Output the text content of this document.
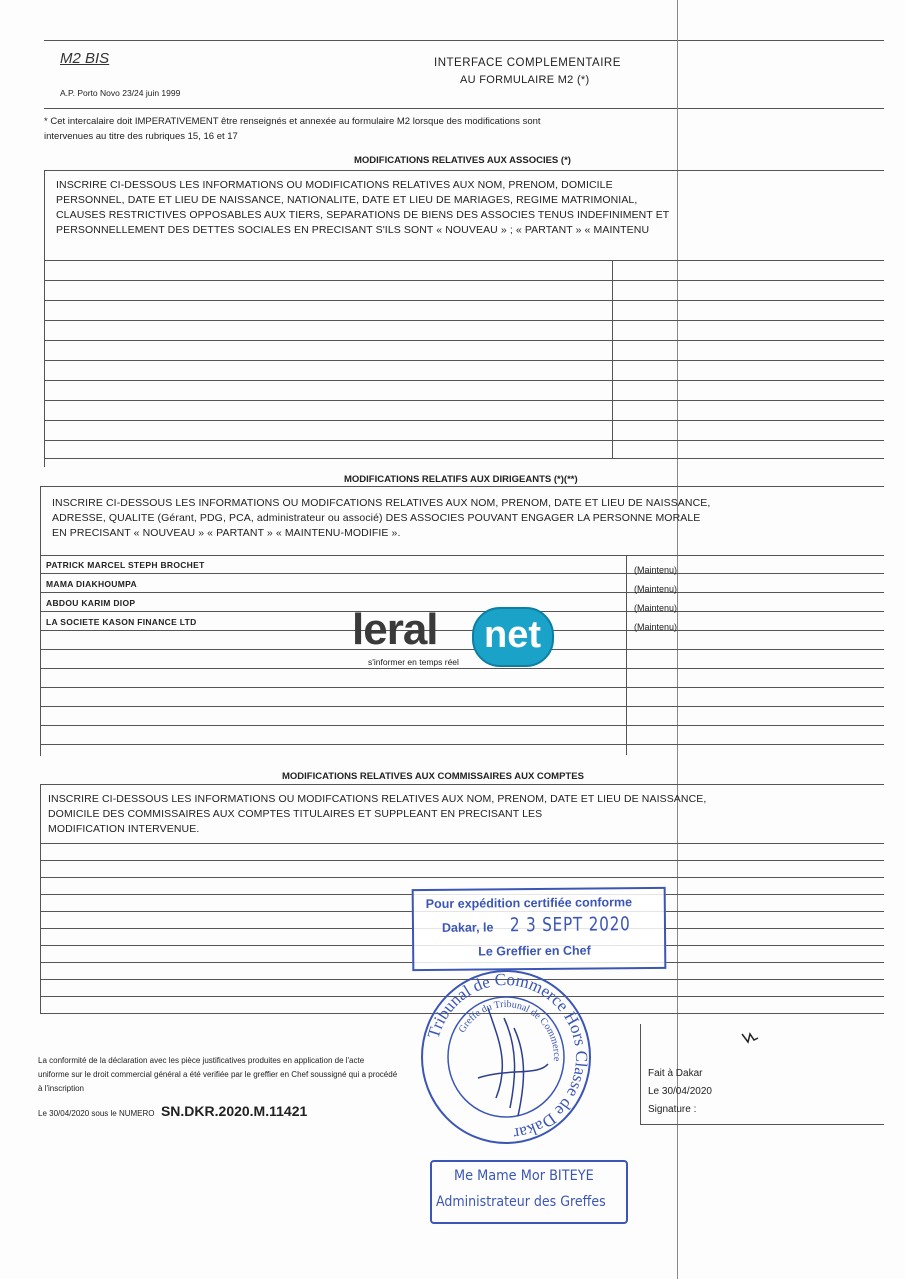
M2 BIS
A.P. Porto Novo 23/24 juin 1999
INTERFACE COMPLEMENTAIRE
AU FORMULAIRE M2 (*)
* Cet intercalaire doit IMPERATIVEMENT être renseignés et annexée au formulaire M2 lorsque des modifications sont
intervenues au titre des rubriques 15, 16 et 17
MODIFICATIONS RELATIVES AUX ASSOCIES (*)
INSCRIRE CI-DESSOUS LES INFORMATIONS OU MODIFICATIONS RELATIVES AUX NOM, PRENOM, DOMICILE
PERSONNEL, DATE ET LIEU DE NAISSANCE, NATIONALITE, DATE ET LIEU DE MARIAGES, REGIME MATRIMONIAL,
CLAUSES RESTRICTIVES OPPOSABLES AUX TIERS, SEPARATIONS DE BIENS DES ASSOCIES TENUS INDEFINIMENT ET
PERSONNELLEMENT DES DETTES SOCIALES EN PRECISANT S'ILS SONT « NOUVEAU » ; « PARTANT » « MAINTENU
MODIFICATIONS RELATIFS AUX DIRIGEANTS (*)(**)
INSCRIRE CI-DESSOUS LES INFORMATIONS OU MODIFCATIONS RELATIVES AUX NOM, PRENOM, DATE ET LIEU DE NAISSANCE,
ADRESSE, QUALITE (Gérant, PDG, PCA, administrateur ou associé) DES ASSOCIES POUVANT ENGAGER LA PERSONNE MORALE
EN PRECISANT « NOUVEAU » « PARTANT » « MAINTENU-MODIFIE ».
PATRICK MARCEL STEPH BROCHET	(Maintenu)
MAMA DIAKHOUMPA	(Maintenu)
ABDOU KARIM DIOP	(Maintenu)
LA SOCIETE KASON FINANCE LTD	(Maintenu)
leral net
s'informer en temps réel
MODIFICATIONS RELATIVES AUX COMMISSAIRES AUX COMPTES
INSCRIRE CI-DESSOUS LES INFORMATIONS OU MODIFCATIONS RELATIVES AUX NOM, PRENOM, DATE ET LIEU DE NAISSANCE,
DOMICILE DES COMMISSAIRES AUX COMPTES TITULAIRES ET SUPPLEANT EN PRECISANT LES
MODIFICATION INTERVENUE.
Pour expédition certifiée conforme
Dakar, le 2 3 SEPT 2020
Le Greffier en Chef
Tribunal de Commerce Hors Classe de Dakar
Greffe du Tribunal de Commerce
La conformité de la déclaration avec les pièce justificatives produites en application de l'acte
uniforme sur le droit commercial général a été verifiée par le greffier en Chef soussigné qui a procédé
à l'inscription
Le 30/04/2020 sous le NUMERO SN.DKR.2020.M.11421
Fait à Dakar
Le 30/04/2020
Signature :
Me Mame Mor BITEYE
Administrateur des Greffes
